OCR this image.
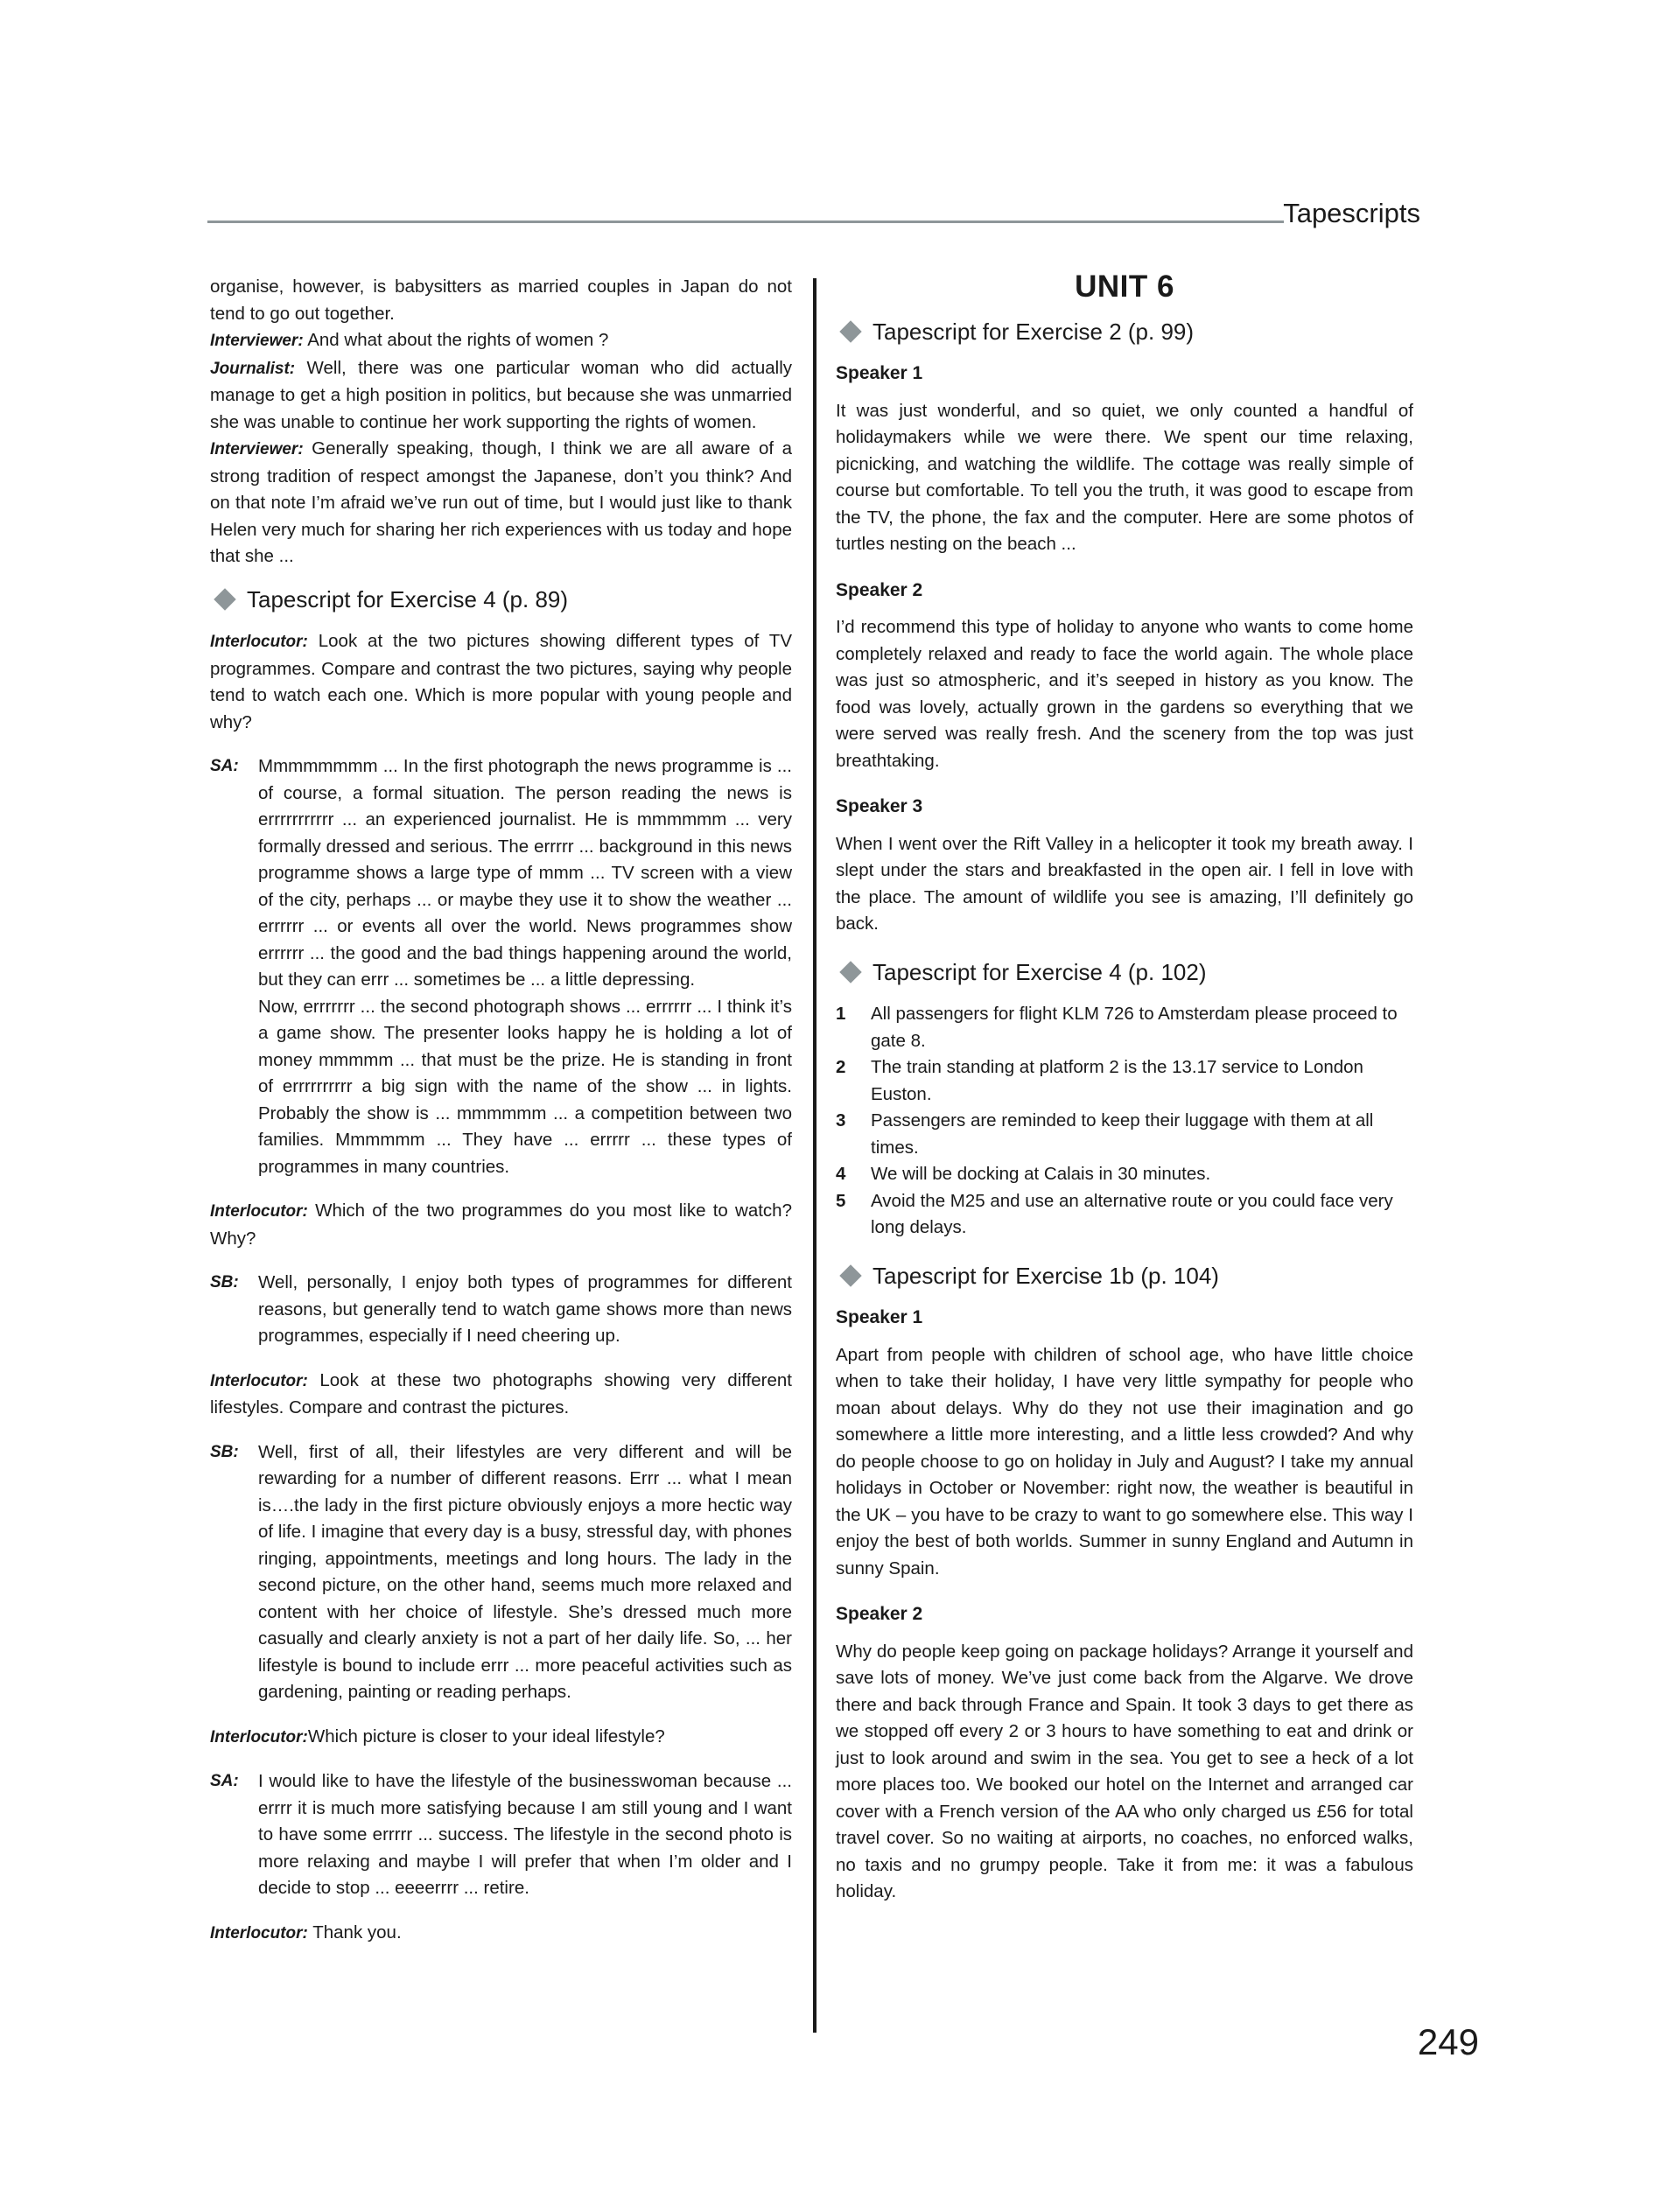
Tapescripts

organise, however, is babysitters as married couples in Japan do not tend to go out together.
Interviewer: And what about the rights of women ?
Journalist: Well, there was one particular woman who did actually manage to get a high position in politics, but because she was unmarried she was unable to continue her work supporting the rights of women.
Interviewer: Generally speaking, though, I think we are all aware of a strong tradition of respect amongst the Japanese, don’t you think? And on that note I’m afraid we’ve run out of time, but I would just like to thank Helen very much for sharing her rich experiences with us today and hope that she ...

Tapescript for Exercise 4 (p. 89)

Interlocutor: Look at the two pictures showing different types of TV programmes. Compare and contrast the two pictures, saying why people tend to watch each one. Which is more popular with young people and why?

SA:	Mmmmmmmm ... In the first photograph the news programme is ... of course, a formal situation. The person reading the news is errrrrrrrrrr ... an experienced journalist. He is mmmmmm ... very formally dressed and serious. The errrrr ... background in this news programme shows a large type of mmm ... TV screen with a view of the city, perhaps ... or maybe they use it to show the weather ... errrrrr ... or events all over the world. News programmes show errrrrr ... the good and the bad things happening around the world, but they can errr ... sometimes be ... a little depressing.

Now, errrrrrr ... the second photograph shows ... errrrrr ... I think it’s a game show. The presenter looks happy he is holding a lot of money mmmmm ... that must be the prize. He is standing in front of errrrrrrrrr a big sign with the name of the show ... in lights. Probably the show is ... mmmmmm ... a competition between two families. Mmmmmm ... They have ... errrrr ... these types of programmes in many countries.

Interlocutor: Which of the two programmes do you most like to watch? Why?

SB:	Well, personally, I enjoy both types of programmes for different reasons, but generally tend to watch game shows more than news programmes, especially if I need cheering up.

Interlocutor: Look at these two photographs showing very different lifestyles. Compare and contrast the pictures.

SB:	Well, first of all, their lifestyles are very different and will be rewarding for a number of different reasons. Errr ... what I mean is….the lady in the first picture obviously enjoys a more hectic way of life. I imagine that every day is a busy, stressful day, with phones ringing, appointments, meetings and long hours. The lady in the second picture, on the other hand, seems much more relaxed and content with her choice of lifestyle. She’s dressed much more casually and clearly anxiety is not a part of her daily life. So, ... her lifestyle is bound to include errr ... more peaceful activities such as gardening, painting or reading perhaps.

Interlocutor:Which picture is closer to your ideal lifestyle?

SA:	I would like to have the lifestyle of the businesswoman because ... errrr it is much more satisfying because I am still young and I want to have some errrrr ... success. The lifestyle in the second photo is more relaxing and maybe I will prefer that when I’m older and I decide to stop ... eeeerrrr ... retire.

Interlocutor: Thank you.

UNIT 6
Tapescript for Exercise 2 (p. 99)
Speaker 1

It was just wonderful, and so quiet, we only counted a handful of holidaymakers while we were there. We spent our time relaxing, picnicking, and watching the wildlife. The cottage was really simple of course but comfortable. To tell you the truth, it was good to escape from the TV, the phone, the fax and the computer. Here are some photos of turtles nesting on the beach ...

Speaker 2

I’d recommend this type of holiday to anyone who wants to come home completely relaxed and ready to face the world again. The whole place was just so atmospheric, and it’s seeped in history as you know. The food was lovely, actually grown in the gardens so everything that we were served was really fresh. And the scenery from the top was just breathtaking.

Speaker 3

When I went over the Rift Valley in a helicopter it took my breath away. I slept under the stars and breakfasted in the open air. I fell in love with the place. The amount of wildlife you see is amazing, I’ll definitely go back.

Tapescript for Exercise 4 (p. 102)
1	All passengers for flight KLM 726 to Amsterdam please proceed to gate 8.
2	The train standing at platform 2 is the 13.17 service to London Euston.
3	Passengers are reminded to keep their luggage with them at all times.
4	We will be docking at Calais in 30 minutes.
5	Avoid the M25 and use an alternative route or you could face very long delays.
Tapescript for Exercise 1b (p. 104)
Speaker 1

Apart from people with children of school age, who have little choice when to take their holiday, I have very little sympathy for people who moan about delays. Why do they not use their imagination and go somewhere a little more interesting, and a little less crowded? And why do people choose to go on holiday in July and August? I take my annual holidays in October or November: right now, the weather is beautiful in the UK – you have to be crazy to want to go somewhere else. This way I enjoy the best of both worlds. Summer in sunny England and Autumn in sunny Spain.

Speaker 2

Why do people keep going on package holidays? Arrange it yourself and save lots of money. We’ve just come back from the Algarve. We drove there and back through France and Spain. It took 3 days to get there as we stopped off every 2 or 3 hours to have something to eat and drink or just to look around and swim in the sea. You get to see a heck of a lot more places too. We booked our hotel on the Internet and arranged car cover with a French version of the AA who only charged us £56 for total travel cover. So no waiting at airports, no coaches, no enforced walks, no taxis and no grumpy people. Take it from me: it was a fabulous holiday.

249
